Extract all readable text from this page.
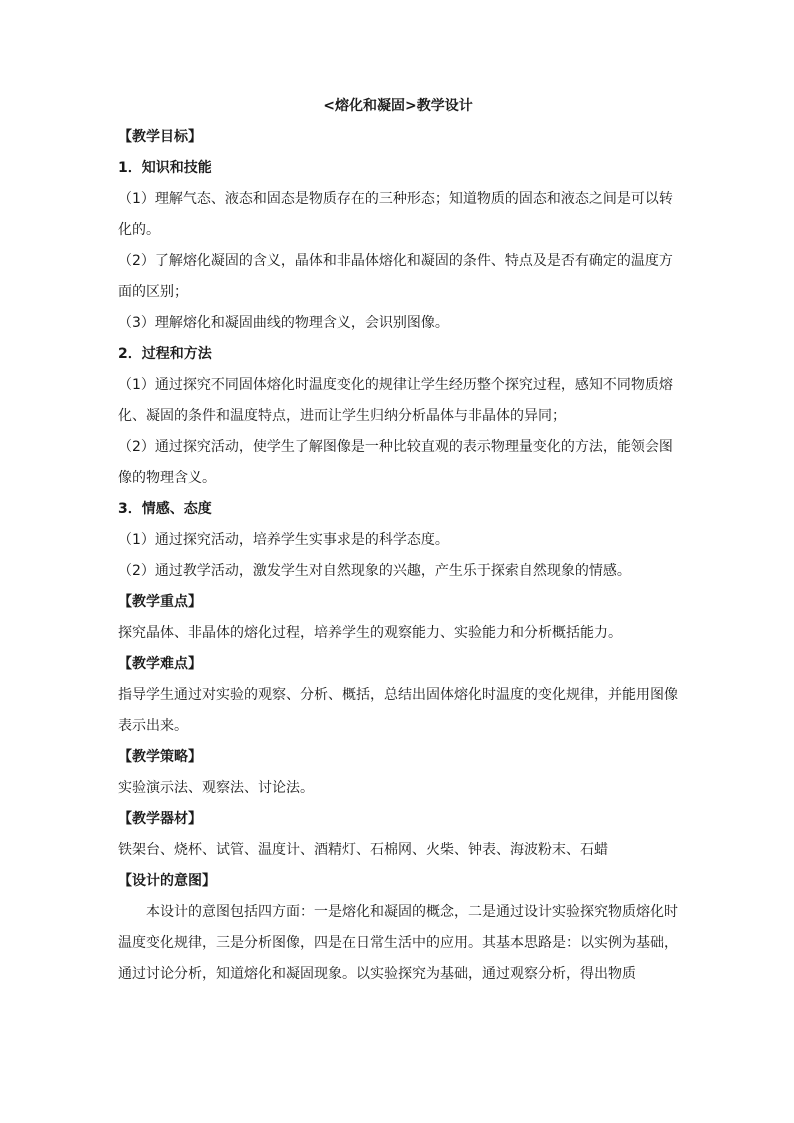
<熔化和凝固>教学设计

【教学目标】

1．知识和技能

（1）理解气态、液态和固态是物质存在的三种形态；知道物质的固态和液态之间是可以转化的。

（2）了解熔化凝固的含义，晶体和非晶体熔化和凝固的条件、特点及是否有确定的温度方面的区别；

（3）理解熔化和凝固曲线的物理含义，会识别图像。

2．过程和方法

（1）通过探究不同固体熔化时温度变化的规律让学生经历整个探究过程，感知不同物质熔化、凝固的条件和温度特点，进而让学生归纳分析晶体与非晶体的异同；

（2）通过探究活动，使学生了解图像是一种比较直观的表示物理量变化的方法，能领会图像的物理含义。

3．情感、态度

（1）通过探究活动，培养学生实事求是的科学态度。

（2）通过教学活动，激发学生对自然现象的兴趣，产生乐于探索自然现象的情感。

【教学重点】

探究晶体、非晶体的熔化过程，培养学生的观察能力、实验能力和分析概括能力。

【教学难点】

指导学生通过对实验的观察、分析、概括，总结出固体熔化时温度的变化规律，并能用图像表示出来。

【教学策略】

实验演示法、观察法、讨论法。

【教学器材】

铁架台、烧杯、试管、温度计、酒精灯、石棉网、火柴、钟表、海波粉末、石蜡

【设计的意图】

本设计的意图包括四方面：一是熔化和凝固的概念，二是通过设计实验探究物质熔化时温度变化规律，三是分析图像，四是在日常生活中的应用。其基本思路是：以实例为基础，通过讨论分析，知道熔化和凝固现象。以实验探究为基础，通过观察分析，得出物质
